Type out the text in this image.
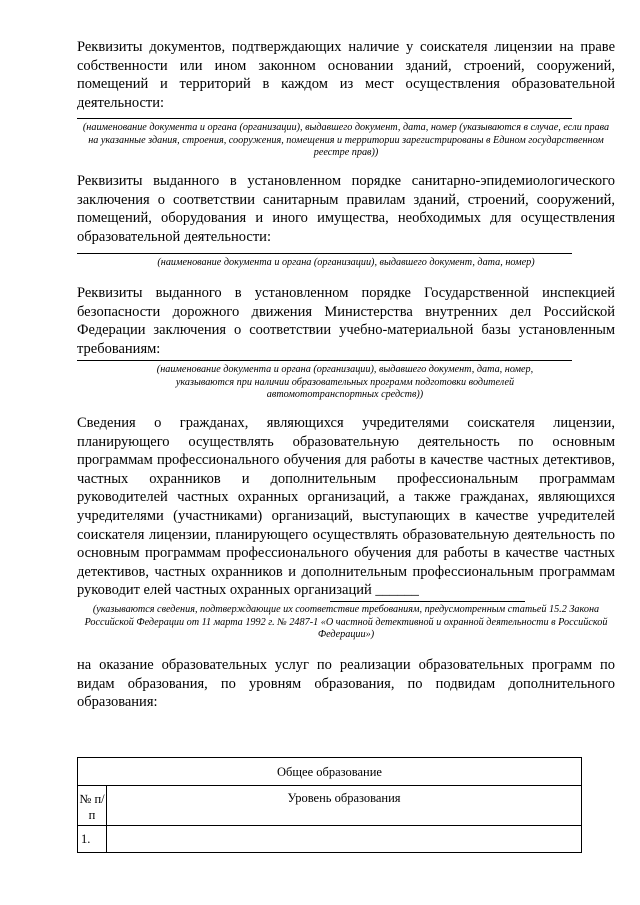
Реквизиты документов, подтверждающих наличие у соискателя лицензии на праве собственности или ином законном основании зданий, строений, сооружений, помещений и территорий в каждом из мест осуществления образовательной деятельности:

(наименование документа и органа (организации), выдавшего документ, дата, номер (указываются в случае, если права на указанные здания, строения, сооружения, помещения и территории зарегистрированы в Едином государственном реестре прав))

Реквизиты выданного в установленном порядке санитарно-эпидемиологического заключения о соответствии санитарным правилам зданий, строений, сооружений, помещений, оборудования и иного имущества, необходимых для осуществления образовательной деятельности:

(наименование документа и органа (организации), выдавшего документ, дата, номер)

Реквизиты выданного в установленном порядке Государственной инспекцией безопасности дорожного движения Министерства внутренних дел Российской Федерации заключения о соответствии учебно-материальной базы установленным требованиям:

(наименование документа и органа (организации), выдавшего документ, дата, номер, указываются при наличии образовательных программ подготовки водителей автомототранспортных средств))

Сведения о гражданах, являющихся учредителями соискателя лицензии, планирующего осуществлять образовательную деятельность по основным программам профессионального обучения для работы в качестве частных детективов, частных охранников и дополнительным профессиональным программам руководителей частных охранных организаций, а также гражданах, являющихся учредителями (участниками) организаций, выступающих в качестве учредителей соискателя лицензии, планирующего осуществлять образовательную деятельность по основным программам профессионального обучения для работы в качестве частных детективов, частных охранников и дополнительным профессиональным программам руководит елей частных охранных организаций ______

(указываются сведения, подтверждающие их соответствие требованиям, предусмотренным статьей 15.2 Закона Российской Федерации от 11 марта 1992 г. № 2487-1 «О частной детективной и охранной деятельности в Российской Федерации»)

на оказание образовательных услуг по реализации образовательных программ по видам образования, по уровням образования, по подвидам дополнительного образования:

Общее образование
№ п/п
Уровень образования
1.
